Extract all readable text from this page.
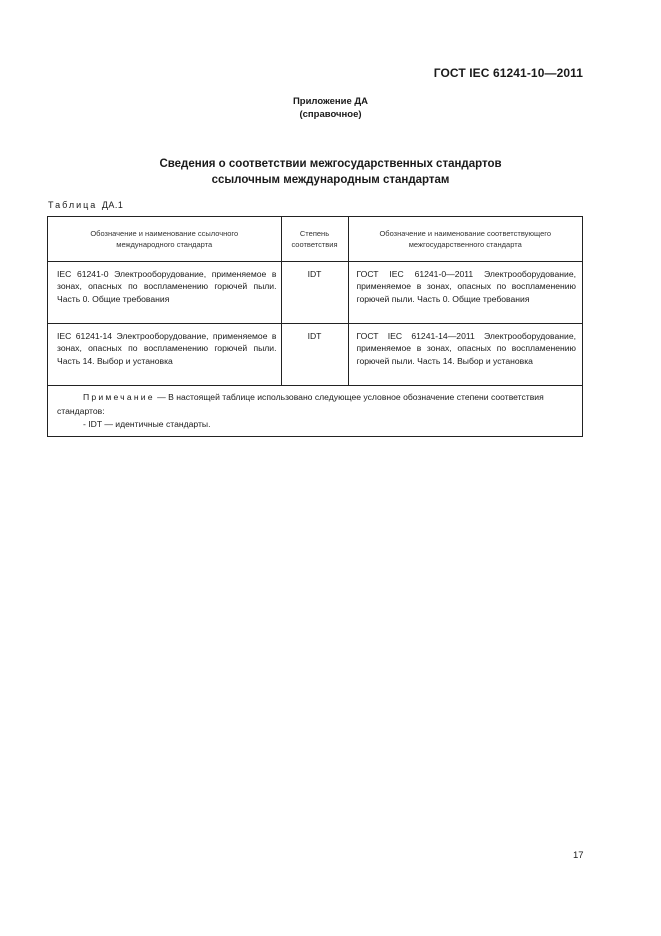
ГОСТ IEC 61241-10—2011
Приложение ДА
(справочное)
Сведения о соответствии межгосударственных стандартов
ссылочным международным стандартам
Таблица ДА.1
Обозначение и наименование ссылочного международного стандарта	Степень соответствия	Обозначение и наименование соответствующего межгосударственного стандарта
IEC 61241-0 Электрооборудование, применяемое в зонах, опасных по воспламенению горючей пыли. Часть 0. Общие требования	IDT	ГОСТ IEC 61241-0—2011 Электрооборудование, применяемое в зонах, опасных по воспламенению горючей пыли. Часть 0. Общие требования
IEC 61241-14 Электрооборудование, применяемое в зонах, опасных по воспламенению горючей пыли. Часть 14. Выбор и установка	IDT	ГОСТ IEC 61241-14—2011 Электрооборудование, применяемое в зонах, опасных по воспламенению горючей пыли. Часть 14. Выбор и установка
Примечание — В настоящей таблице использовано следующее условное обозначение степени соответствия стандартов:
- IDT — идентичные стандарты.
17
